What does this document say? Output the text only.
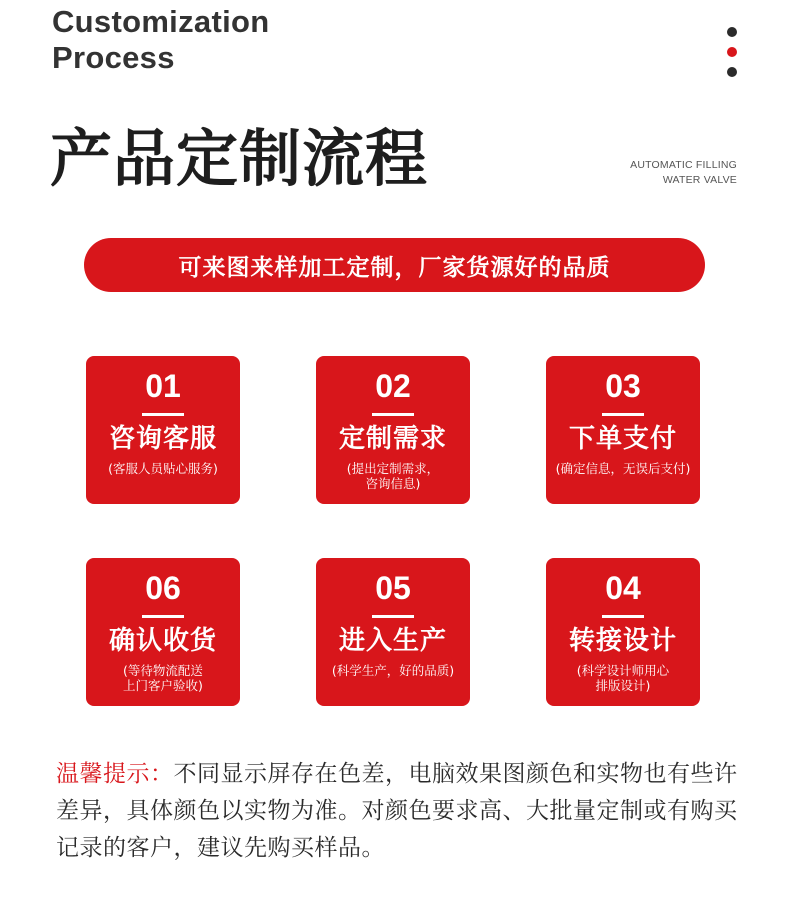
Customization
Process
产品定制流程	AUTOMATIC FILLING
WATER VALVE
可来图来样加工定制，厂家货源好的品质
01
咨询客服
(客服人员贴心服务)
02
定制需求
(提出定制需求，
咨询信息)
03
下单支付
(确定信息，无误后支付)
06
确认收货
(等待物流配送
上门客户验收)
05
进入生产
(科学生产，好的品质)
04
转接设计
(科学设计师用心
排版设计)
温馨提示：不同显示屏存在色差，电脑效果图颜色和实物也有些许差异，具体颜色以实物为准。对颜色要求高、大批量定制或有购买记录的客户，建议先购买样品。
